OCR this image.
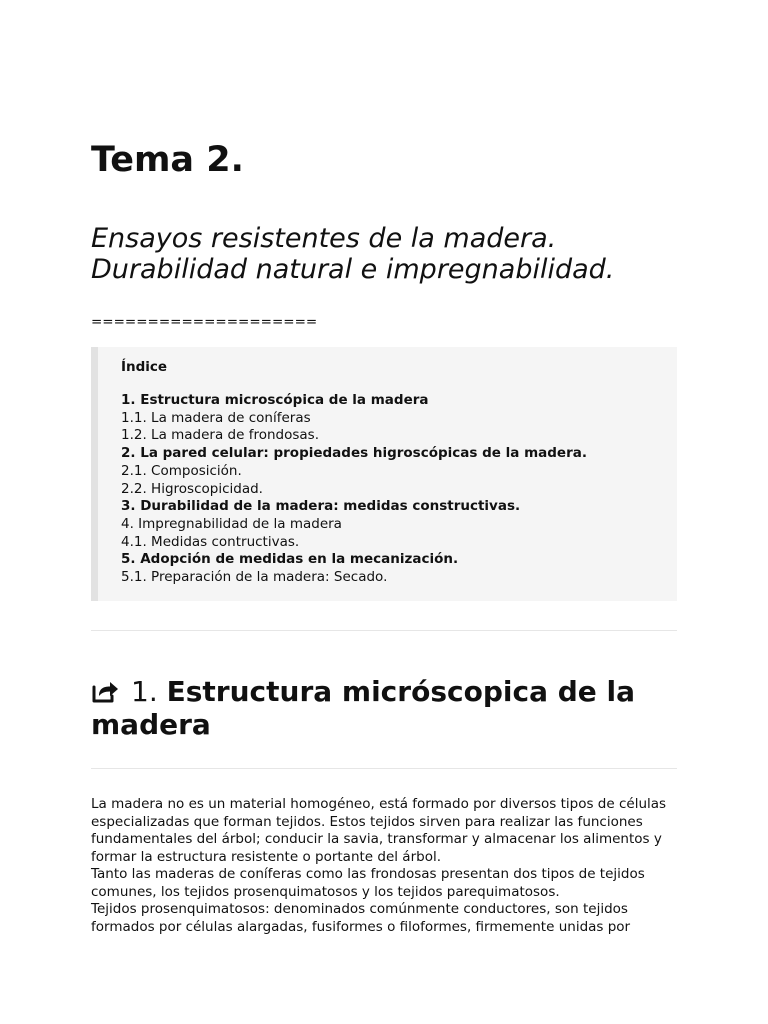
Tema 2.
Ensayos resistentes de la madera.
Durabilidad natural e impregnabilidad.
====================
Índice
1. Estructura microscópica de la madera
1.1. La madera de coníferas
1.2. La madera de frondosas.
2. La pared celular: propiedades higroscópicas de la madera.
2.1. Composición.
2.2. Higroscopicidad.
3. Durabilidad de la madera: medidas constructivas.
4. Impregnabilidad de la madera
4.1. Medidas contructivas.
5. Adopción de medidas en la mecanización.
5.1. Preparación de la madera: Secado.
1. Estructura micróscopica de la madera

La madera no es un material homogéneo, está formado por diversos tipos de células especializadas que forman tejidos. Estos tejidos sirven para realizar las funciones fundamentales del árbol; conducir la savia, transformar y almacenar los alimentos y formar la estructura resistente o portante del árbol.

Tanto las maderas de coníferas como las frondosas presentan dos tipos de tejidos comunes, los tejidos prosenquimatosos y los tejidos parequimatosos.

Tejidos prosenquimatosos: denominados comúnmente conductores, son tejidos formados por células alargadas, fusiformes o filoformes, firmemente unidas por
